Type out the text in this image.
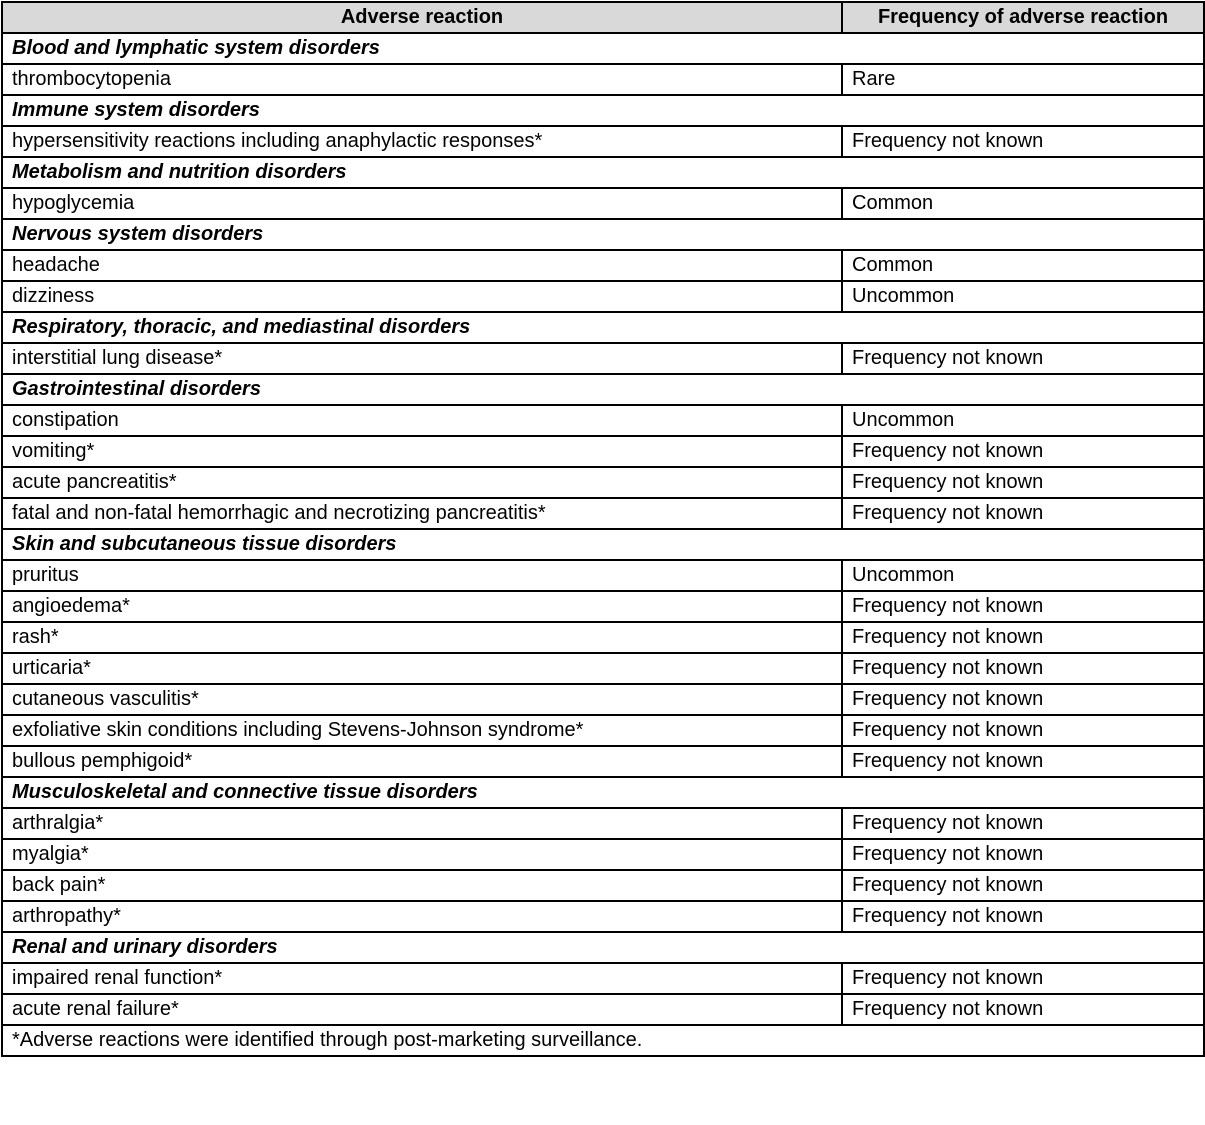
Adverse reaction	Frequency of adverse reaction
Blood and lymphatic system disorders	
thrombocytopenia	Rare
Immune system disorders	
hypersensitivity reactions including anaphylactic responses*	Frequency not known
Metabolism and nutrition disorders	
hypoglycemia	Common
Nervous system disorders	
headache	Common
dizziness	Uncommon
Respiratory, thoracic, and mediastinal disorders	
interstitial lung disease*	Frequency not known
Gastrointestinal disorders	
constipation	Uncommon
vomiting*	Frequency not known
acute pancreatitis*	Frequency not known
fatal and non-fatal hemorrhagic and necrotizing pancreatitis*	Frequency not known
Skin and subcutaneous tissue disorders	
pruritus	Uncommon
angioedema*	Frequency not known
rash*	Frequency not known
urticaria*	Frequency not known
cutaneous vasculitis*	Frequency not known
exfoliative skin conditions including Stevens-Johnson syndrome*	Frequency not known
bullous pemphigoid*	Frequency not known
Musculoskeletal and connective tissue disorders	
arthralgia*	Frequency not known
myalgia*	Frequency not known
back pain*	Frequency not known
arthropathy*	Frequency not known
Renal and urinary disorders	
impaired renal function*	Frequency not known
acute renal failure*	Frequency not known
*Adverse reactions were identified through post-marketing surveillance.	
